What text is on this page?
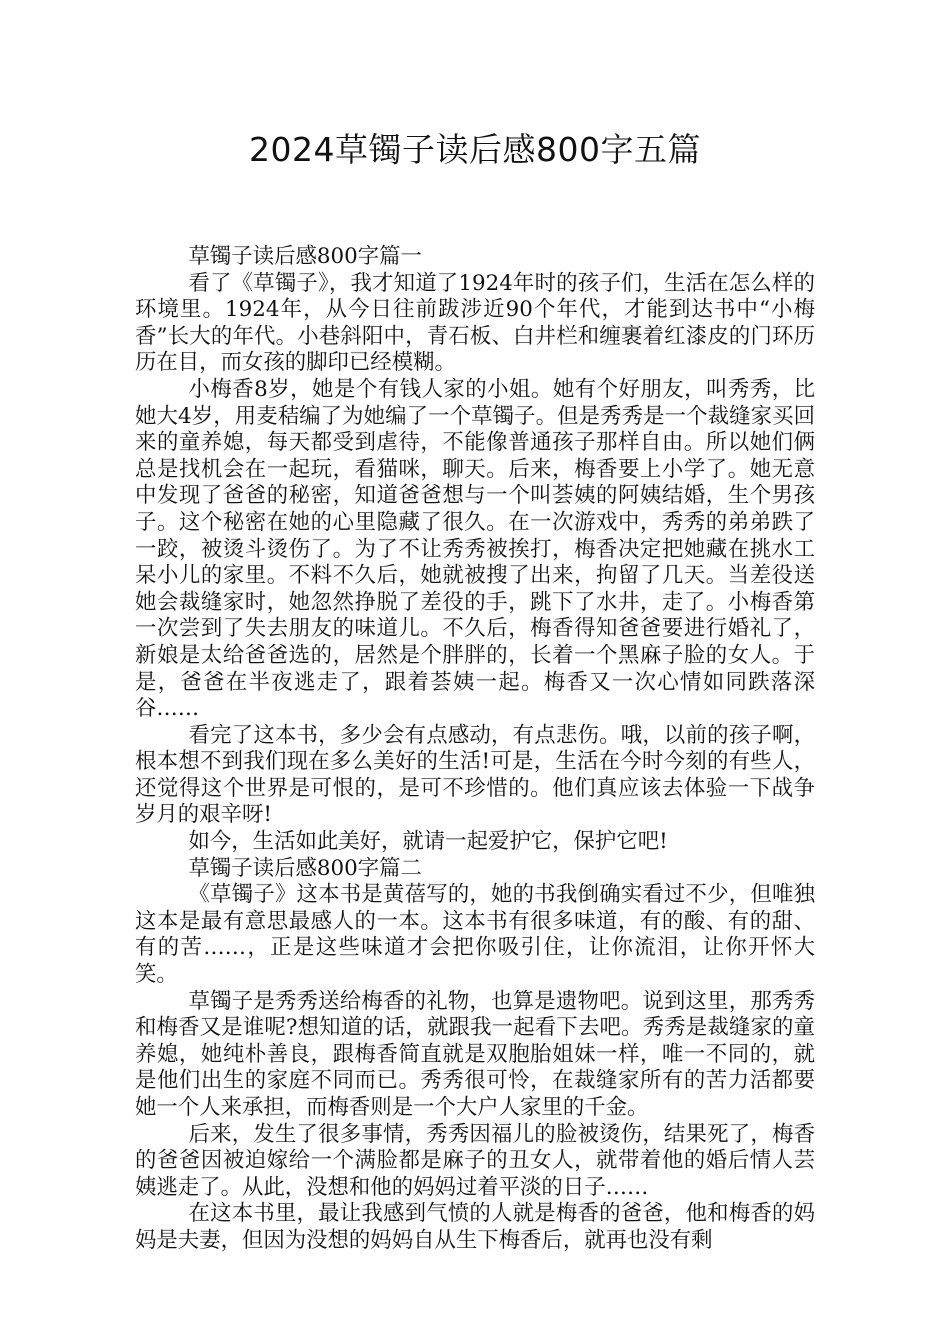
2024草镯子读后感800字五篇

草镯子读后感800字篇一

看了《草镯子》，我才知道了1924年时的孩子们，生活在怎么样的环境里。1924年，从今日往前跋涉近90个年代，才能到达书中“小梅香”长大的年代。小巷斜阳中，青石板、白井栏和缠裹着红漆皮的门环历历在目，而女孩的脚印已经模糊。

小梅香8岁，她是个有钱人家的小姐。她有个好朋友，叫秀秀，比她大4岁，用麦秸编了为她编了一个草镯子。但是秀秀是一个裁缝家买回来的童养媳，每天都受到虐待，不能像普通孩子那样自由。所以她们俩总是找机会在一起玩，看猫咪，聊天。后来，梅香要上小学了。她无意中发现了爸爸的秘密，知道爸爸想与一个叫荟姨的阿姨结婚，生个男孩子。这个秘密在她的心里隐藏了很久。在一次游戏中，秀秀的弟弟跌了一跤，被烫斗烫伤了。为了不让秀秀被挨打，梅香决定把她藏在挑水工呆小儿的家里。不料不久后，她就被搜了出来，拘留了几天。当差役送她会裁缝家时，她忽然挣脱了差役的手，跳下了水井，走了。小梅香第一次尝到了失去朋友的味道儿。不久后，梅香得知爸爸要进行婚礼了，新娘是太给爸爸选的，居然是个胖胖的，长着一个黑麻子脸的女人。于是，爸爸在半夜逃走了，跟着荟姨一起。梅香又一次心情如同跌落深谷……

看完了这本书，多少会有点感动，有点悲伤。哦，以前的孩子啊，根本想不到我们现在多么美好的生活!可是，生活在今时今刻的有些人，还觉得这个世界是可恨的，是可不珍惜的。他们真应该去体验一下战争岁月的艰辛呀!

如今，生活如此美好，就请一起爱护它，保护它吧!

草镯子读后感800字篇二

《草镯子》这本书是黄蓓写的，她的书我倒确实看过不少，但唯独这本是最有意思最感人的一本。这本书有很多味道，有的酸、有的甜、有的苦……，正是这些味道才会把你吸引住，让你流泪，让你开怀大笑。

草镯子是秀秀送给梅香的礼物，也算是遗物吧。说到这里，那秀秀和梅香又是谁呢?想知道的话，就跟我一起看下去吧。秀秀是裁缝家的童养媳，她纯朴善良，跟梅香简直就是双胞胎姐妹一样，唯一不同的，就是他们出生的家庭不同而已。秀秀很可怜，在裁缝家所有的苦力活都要她一个人来承担，而梅香则是一个大户人家里的千金。

后来，发生了很多事情，秀秀因福儿的脸被烫伤，结果死了，梅香的爸爸因被迫嫁给一个满脸都是麻子的丑女人，就带着他的婚后情人芸姨逃走了。从此，没想和他的妈妈过着平淡的日子……

在这本书里，最让我感到气愤的人就是梅香的爸爸，他和梅香的妈妈是夫妻，但因为没想的妈妈自从生下梅香后，就再也没有剩
